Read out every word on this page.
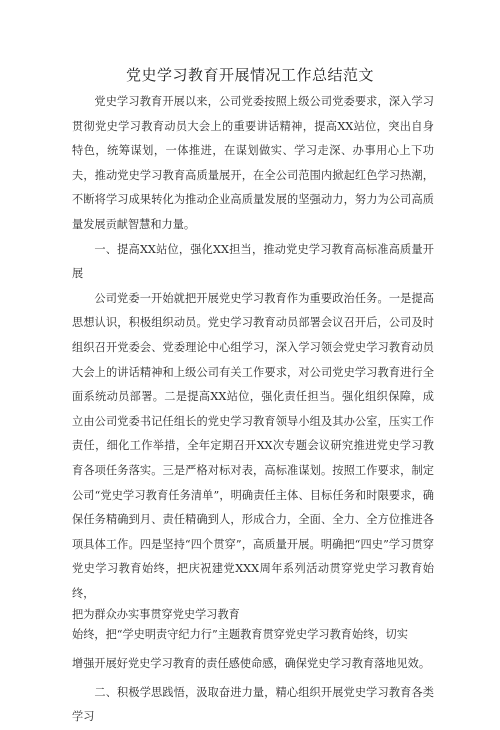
党史学习教育开展情况工作总结范文

党史学习教育开展以来，公司党委按照上级公司党委要求，深入学习贯彻党史学习教育动员大会上的重要讲话精神，提高XX站位，突出自身特色，统筹谋划，一体推进，在谋划做实、学习走深、办事用心上下功夫，推动党史学习教育高质量展开，在全公司范围内掀起红色学习热潮，不断将学习成果转化为推动企业高质量发展的坚强动力，努力为公司高质量发展贡献智慧和力量。

一、提高XX站位，强化XX担当，推动党史学习教育高标准高质量开展

公司党委一开始就把开展党史学习教育作为重要政治任务。一是提高思想认识，积极组织动员。党史学习教育动员部署会议召开后，公司及时组织召开党委会、党委理论中心组学习，深入学习领会党史学习教育动员大会上的讲话精神和上级公司有关工作要求，对公司党史学习教育进行全面系统动员部署。二是提高XX站位，强化责任担当。强化组织保障，成立由公司党委书记任组长的党史学习教育领导小组及其办公室，压实工作责任，细化工作举措，全年定期召开XX次专题会议研究推进党史学习教育各项任务落实。三是严格对标对表，高标准谋划。按照工作要求，制定公司“党史学习教育任务清单”，明确责任主体、目标任务和时限要求，确保任务精确到月、责任精确到人，形成合力，全面、全力、全方位推进各项具体工作。四是坚持“四个贯穿”，高质量开展。明确把“四史”学习贯穿党史学习教育始终，把庆祝建党XXX周年系列活动贯穿党史学习教育始终，

把为群众办实事贯穿党史学习教育

始终，把“学史明责守纪力行”主题教育贯穿党史学习教育始终，切实

增强开展好党史学习教育的责任感使命感，确保党史学习教育落地见效。

二、积极学思践悟，汲取奋进力量，精心组织开展党史学习教育各类学习
